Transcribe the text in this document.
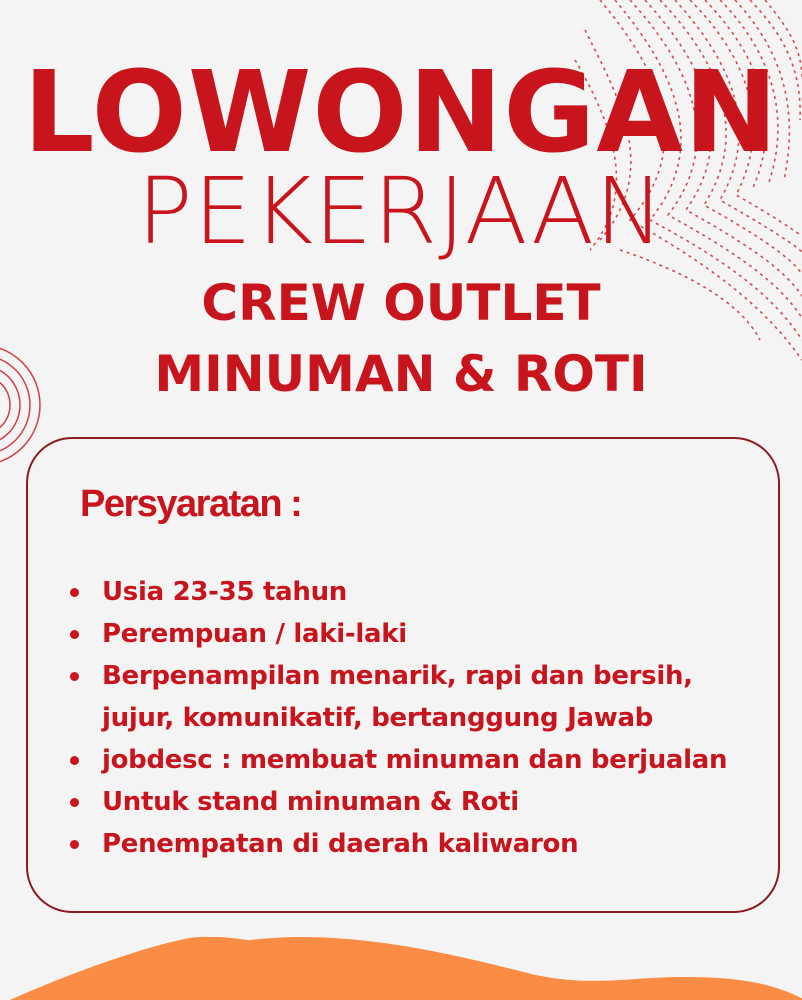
LOWONGAN
PEKERJAAN
CREW OUTLET
MINUMAN & ROTI
Persyaratan :
Usia 23-35 tahun
Perempuan / laki-laki
Berpenampilan menarik, rapi dan bersih,
jujur, komunikatif, bertanggung Jawab
jobdesc : membuat minuman dan berjualan
Untuk stand minuman & Roti
Penempatan di daerah kaliwaron
